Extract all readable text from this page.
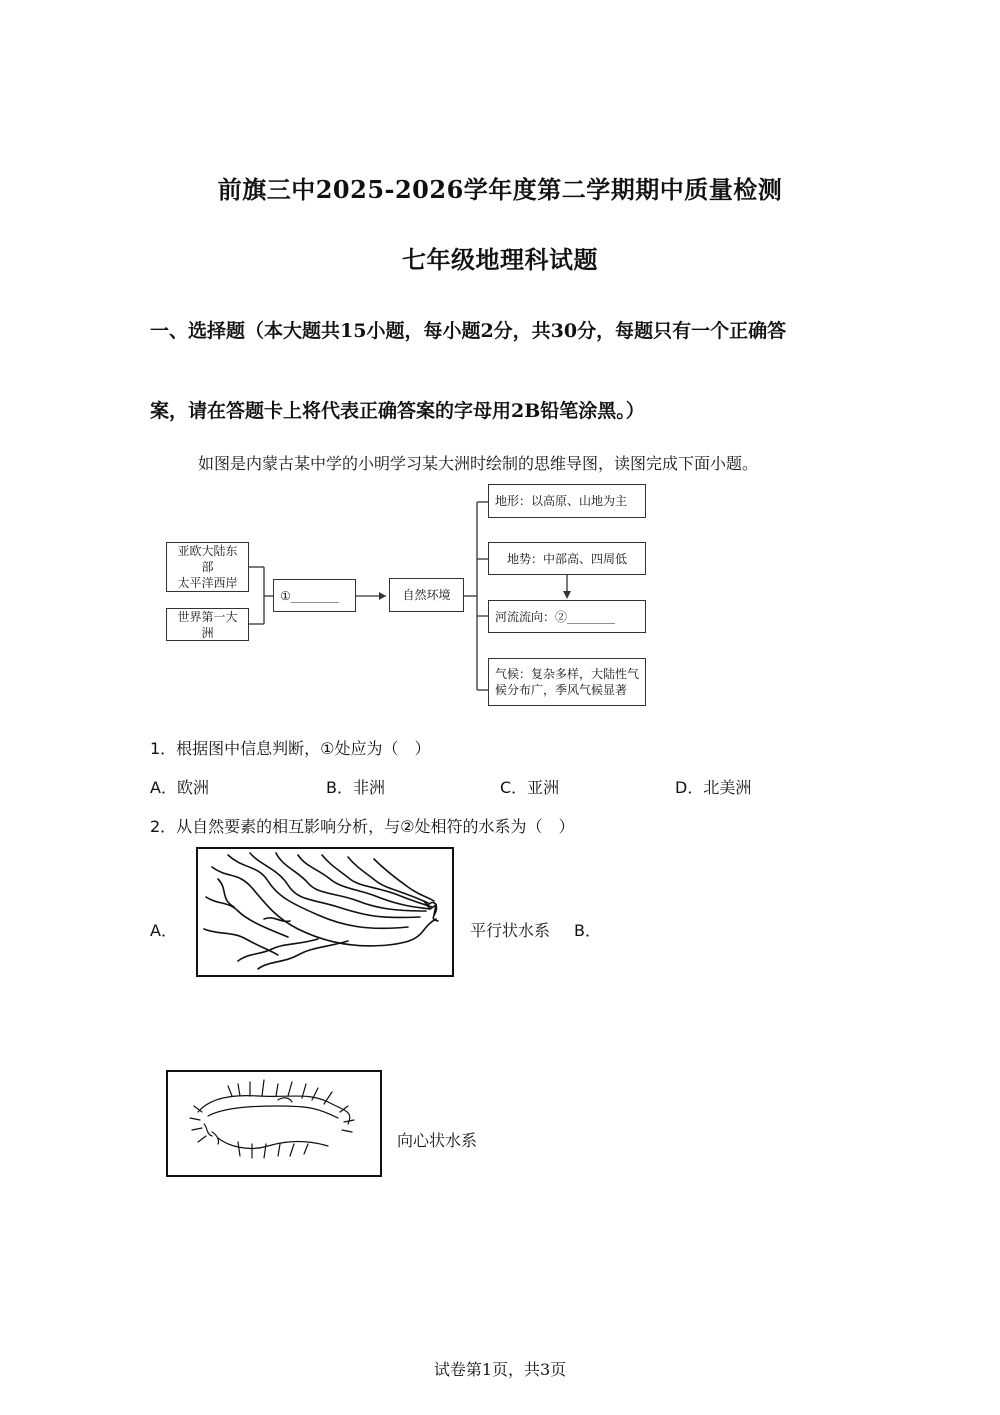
前旗三中2025-2026学年度第二学期期中质量检测
七年级地理科试题
一、选择题（本大题共15小题，每小题2分，共30分，每题只有一个正确答
案，请在答题卡上将代表正确答案的字母用2B铅笔涂黑。）
如图是内蒙古某中学的小明学习某大洲时绘制的思维导图，读图完成下面小题。
亚欧大陆东部
太平洋西岸
世界第一大洲
①________	自然环境
地形：以高原、山地为主
地势：中部高、四周低
河流流向：②________
气候：复杂多样，大陆性气
候分布广，季风气候显著
1．根据图中信息判断，①处应为（　）
A．欧洲	B．非洲	C．亚洲	D．北美洲
2．从自然要素的相互影响分析，与②处相符的水系为（　）
A．	平行状水系 B．
向心状水系
试卷第1页，共3页
